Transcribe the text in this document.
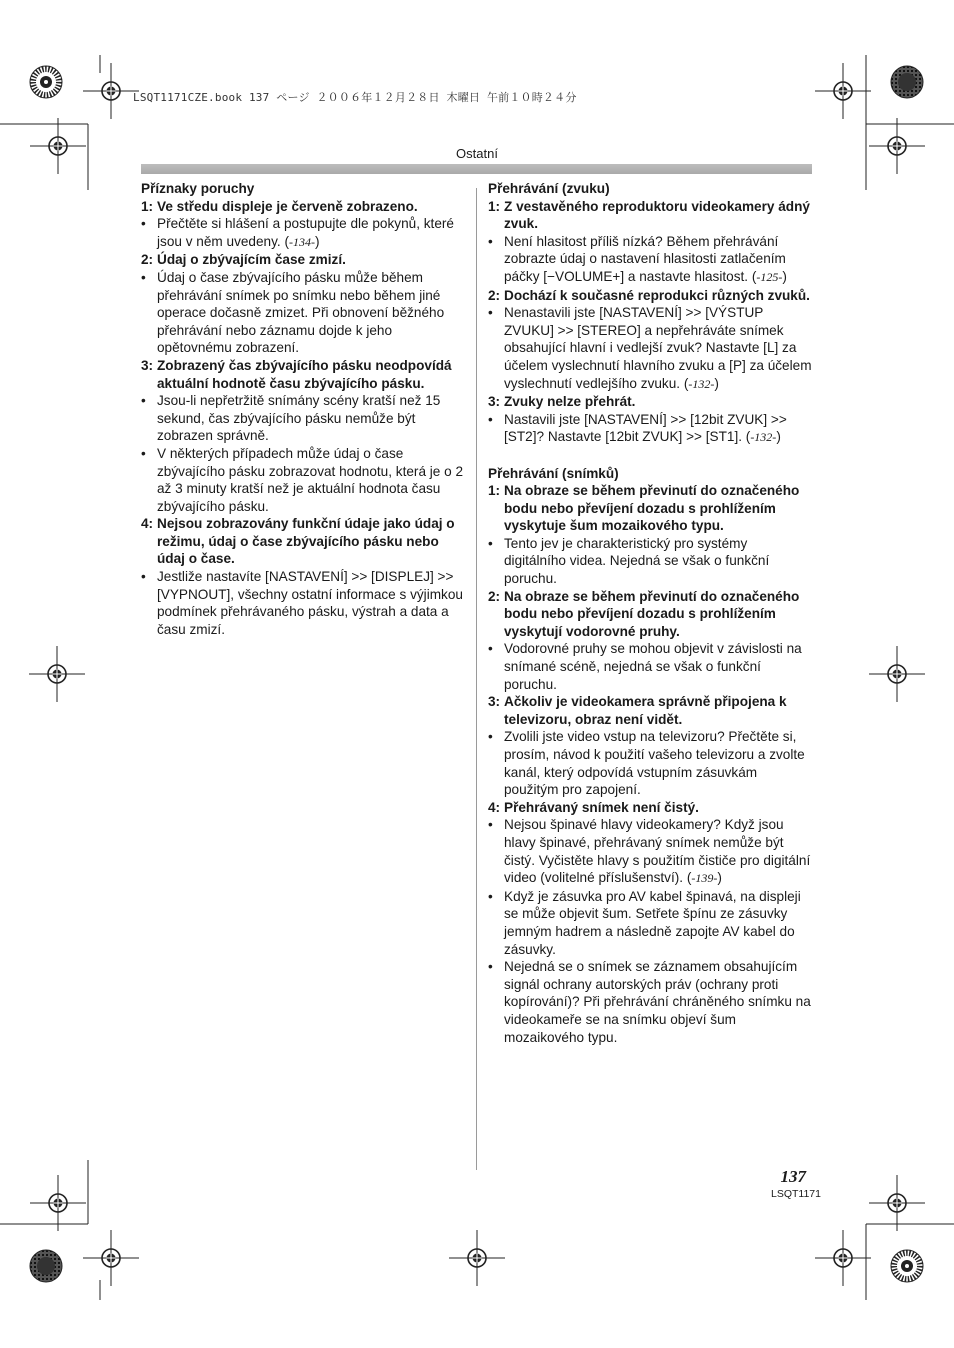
LSQT1171CZE.book 137 ページ ２００６年１２月２８日 木曜日 午前１０時２４分
Ostatní

Příznaky poruchy

1: Ve středu displeje je červeně zobrazeno.

• Přečtěte si hlášení a postupujte dle pokynů, které jsou v něm uvedeny. (-134-)

2: Údaj o zbývajícím čase zmizí.

• Údaj o čase zbývajícího pásku může během přehrávání snímek po snímku nebo během jiné operace dočasně zmizet. Při obnovení běžného přehrávání nebo záznamu dojde k jeho opětovnému zobrazení.

3: Zobrazený čas zbývajícího pásku neodpovídá aktuální hodnotě času zbývajícího pásku.

• Jsou-li nepřetržitě snímány scény kratší než 15 sekund, čas zbývajícího pásku nemůže být zobrazen správně.

• V některých případech může údaj o čase zbývajícího pásku zobrazovat hodnotu, která je o 2 až 3 minuty kratší než je aktuální hodnota času zbývajícího pásku.

4: Nejsou zobrazovány funkční údaje jako údaj o režimu, údaj o čase zbývajícího pásku nebo údaj o čase.

• Jestliže nastavíte [NASTAVENÍ] >> [DISPLEJ] >> [VYPNOUT], všechny ostatní informace s výjimkou podmínek přehrávaného pásku, výstrah a data a času zmizí.

Přehrávání (zvuku)

1: Z vestavěného reproduktoru videokamery ádný zvuk.

• Není hlasitost příliš nízká? Během přehrávání zobrazte údaj o nastavení hlasitosti zatlačením páčky [−VOLUME+] a nastavte hlasitost. (-125-)

2: Dochází k současné reprodukci různých zvuků.

• Nenastavili jste [NASTAVENÍ] >> [VÝSTUP ZVUKU] >> [STEREO] a nepřehráváte snímek obsahující hlavní i vedlejší zvuk? Nastavte [L] za účelem vyslechnutí hlavního zvuku a [P] za účelem vyslechnutí vedlejšího zvuku. (-132-)

3: Zvuky nelze přehrát.

• Nastavili jste [NASTAVENÍ] >> [12bit ZVUK] >> [ST2]? Nastavte [12bit ZVUK] >> [ST1]. (-132-)

Přehrávání (snímků)

1: Na obraze se během převinutí do označeného bodu nebo převíjení dozadu s prohlížením vyskytuje šum mozaikového typu.

• Tento jev je charakteristický pro systémy digitálního videa. Nejedná se však o funkční poruchu.

2: Na obraze se během převinutí do označeného bodu nebo převíjení dozadu s prohlížením vyskytují vodorovné pruhy.

• Vodorovné pruhy se mohou objevit v závislosti na snímané scéně, nejedná se však o funkční poruchu.

3: Ačkoliv je videokamera správně připojena k televizoru, obraz není vidět.

• Zvolili jste video vstup na televizoru? Přečtěte si, prosím, návod k použití vašeho televizoru a zvolte kanál, který odpovídá vstupním zásuvkám použitým pro zapojení.

4: Přehrávaný snímek není čistý.

• Nejsou špinavé hlavy videokamery? Když jsou hlavy špinavé, přehrávaný snímek nemůže být čistý. Vyčistěte hlavy s použitím čističe pro digitální video (volitelné příslušenství). (-139-)

• Když je zásuvka pro AV kabel špinavá, na displeji se může objevit šum. Setřete špínu ze zásuvky jemným hadrem a následně zapojte AV kabel do zásuvky.

• Nejedná se o snímek se záznamem obsahujícím signál ochrany autorských práv (ochrany proti kopírování)? Při přehrávání chráněného snímku na videokameře se na snímku objeví šum mozaikového typu.

137
LSQT1171
